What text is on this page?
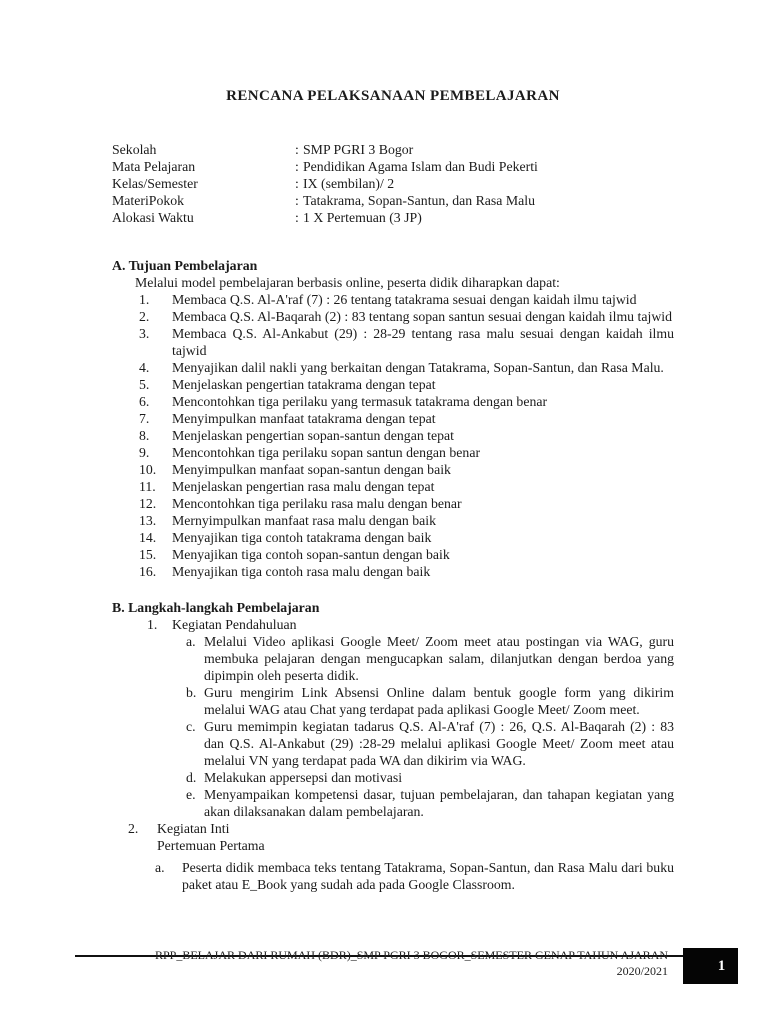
RENCANA PELAKSANAAN PEMBELAJARAN
Sekolah	: SMP PGRI 3 Bogor
Mata Pelajaran	: Pendidikan Agama Islam dan Budi Pekerti
Kelas/Semester	: IX (sembilan)/ 2
MateriPokok	: Tatakrama, Sopan-Santun, dan Rasa Malu
Alokasi Waktu	: 1 X Pertemuan (3 JP)
A. Tujuan Pembelajaran
Melalui model pembelajaran berbasis online, peserta didik diharapkan dapat:
1.	Membaca Q.S. Al-A'raf (7) : 26 tentang tatakrama sesuai dengan kaidah ilmu tajwid
2.	Membaca Q.S. Al-Baqarah (2) : 83 tentang sopan santun sesuai dengan kaidah ilmu tajwid
3.	Membaca Q.S. Al-Ankabut (29) : 28-29 tentang rasa malu sesuai dengan kaidah ilmu tajwid
4.	Menyajikan dalil nakli yang berkaitan dengan Tatakrama, Sopan-Santun, dan Rasa Malu.
5.	Menjelaskan pengertian tatakrama dengan tepat
6.	Mencontohkan tiga perilaku yang termasuk tatakrama dengan benar
7.	Menyimpulkan manfaat tatakrama dengan tepat
8.	Menjelaskan pengertian sopan-santun dengan tepat
9.	Mencontohkan tiga perilaku sopan santun dengan benar
10.	Menyimpulkan manfaat sopan-santun dengan baik
11.	Menjelaskan pengertian rasa malu dengan tepat
12.	Mencontohkan tiga perilaku rasa malu dengan benar
13.	Mernyimpulkan manfaat rasa malu dengan baik
14.	Menyajikan tiga contoh tatakrama dengan baik
15.	Menyajikan tiga contoh sopan-santun dengan baik
16.	Menyajikan tiga contoh rasa malu dengan baik
B. Langkah-langkah Pembelajaran
1.	Kegiatan Pendahuluan
a. Melalui Video aplikasi Google Meet/ Zoom meet atau postingan via WAG, guru membuka pelajaran dengan mengucapkan salam, dilanjutkan dengan berdoa yang dipimpin oleh peserta didik.
b. Guru mengirim Link Absensi Online dalam bentuk google form yang dikirim melalui WAG atau Chat yang terdapat pada aplikasi Google Meet/ Zoom meet.
c. Guru memimpin kegiatan tadarus Q.S. Al-A'raf (7) : 26, Q.S. Al-Baqarah (2) : 83 dan Q.S. Al-Ankabut (29) :28-29 melalui aplikasi Google Meet/ Zoom meet atau melalui VN yang terdapat pada WA dan dikirim via WAG.
d. Melakukan appersepsi dan motivasi
e. Menyampaikan kompetensi dasar, tujuan pembelajaran, dan tahapan kegiatan yang akan dilaksanakan dalam pembelajaran.
2.	Kegiatan Inti
Pertemuan Pertama
a.	Peserta didik membaca teks tentang Tatakrama, Sopan-Santun, dan Rasa Malu dari buku paket atau E_Book yang sudah ada pada Google Classroom.
RPP_BELAJAR DARI RUMAH (BDR)_SMP PGRI 3 BOGOR_SEMESTER GENAP TAHUN AJARAN
2020/2021	1
